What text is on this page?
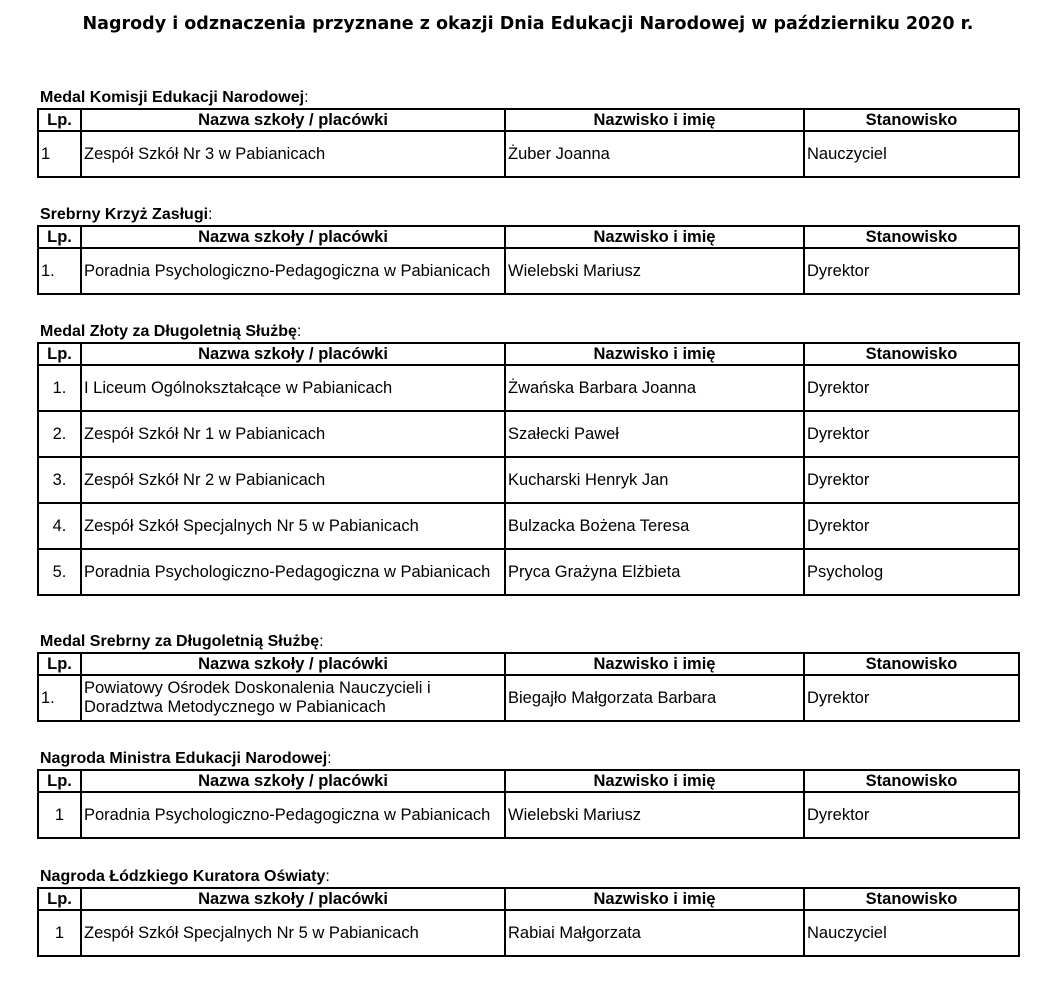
Nagrody i odznaczenia przyznane z okazji Dnia Edukacji Narodowej w październiku 2020 r.
Medal Komisji Edukacji Narodowej:
Lp.	Nazwa szkoły / placówki	Nazwisko i imię	Stanowisko
1	Zespół Szkół Nr 3 w Pabianicach	Żuber Joanna	Nauczyciel
Srebrny Krzyż Zasługi:
Lp.	Nazwa szkoły / placówki	Nazwisko i imię	Stanowisko
1.	Poradnia Psychologiczno-Pedagogiczna w Pabianicach	Wielebski Mariusz	Dyrektor
Medal Złoty za Długoletnią Służbę:
Lp.	Nazwa szkoły / placówki	Nazwisko i imię	Stanowisko
1.	I Liceum Ogólnokształcące w Pabianicach	Żwańska Barbara Joanna	Dyrektor
2.	Zespół Szkół Nr 1 w Pabianicach	Szałecki Paweł	Dyrektor
3.	Zespół Szkół Nr 2 w Pabianicach	Kucharski Henryk Jan	Dyrektor
4.	Zespół Szkół Specjalnych Nr 5 w Pabianicach	Bulzacka Bożena Teresa	Dyrektor
5.	Poradnia Psychologiczno-Pedagogiczna w Pabianicach	Pryca Grażyna Elżbieta	Psycholog
Medal Srebrny za Długoletnią Służbę:
Lp.	Nazwa szkoły / placówki	Nazwisko i imię	Stanowisko
1.	Powiatowy Ośrodek Doskonalenia Nauczycieli i Doradztwa Metodycznego w Pabianicach	Biegajło Małgorzata Barbara	Dyrektor
Nagroda Ministra Edukacji Narodowej:
Lp.	Nazwa szkoły / placówki	Nazwisko i imię	Stanowisko
1	Poradnia Psychologiczno-Pedagogiczna w Pabianicach	Wielebski Mariusz	Dyrektor
Nagroda Łódzkiego Kuratora Oświaty:
Lp.	Nazwa szkoły / placówki	Nazwisko i imię	Stanowisko
1	Zespół Szkół Specjalnych Nr 5 w Pabianicach	Rabiai Małgorzata	Nauczyciel
